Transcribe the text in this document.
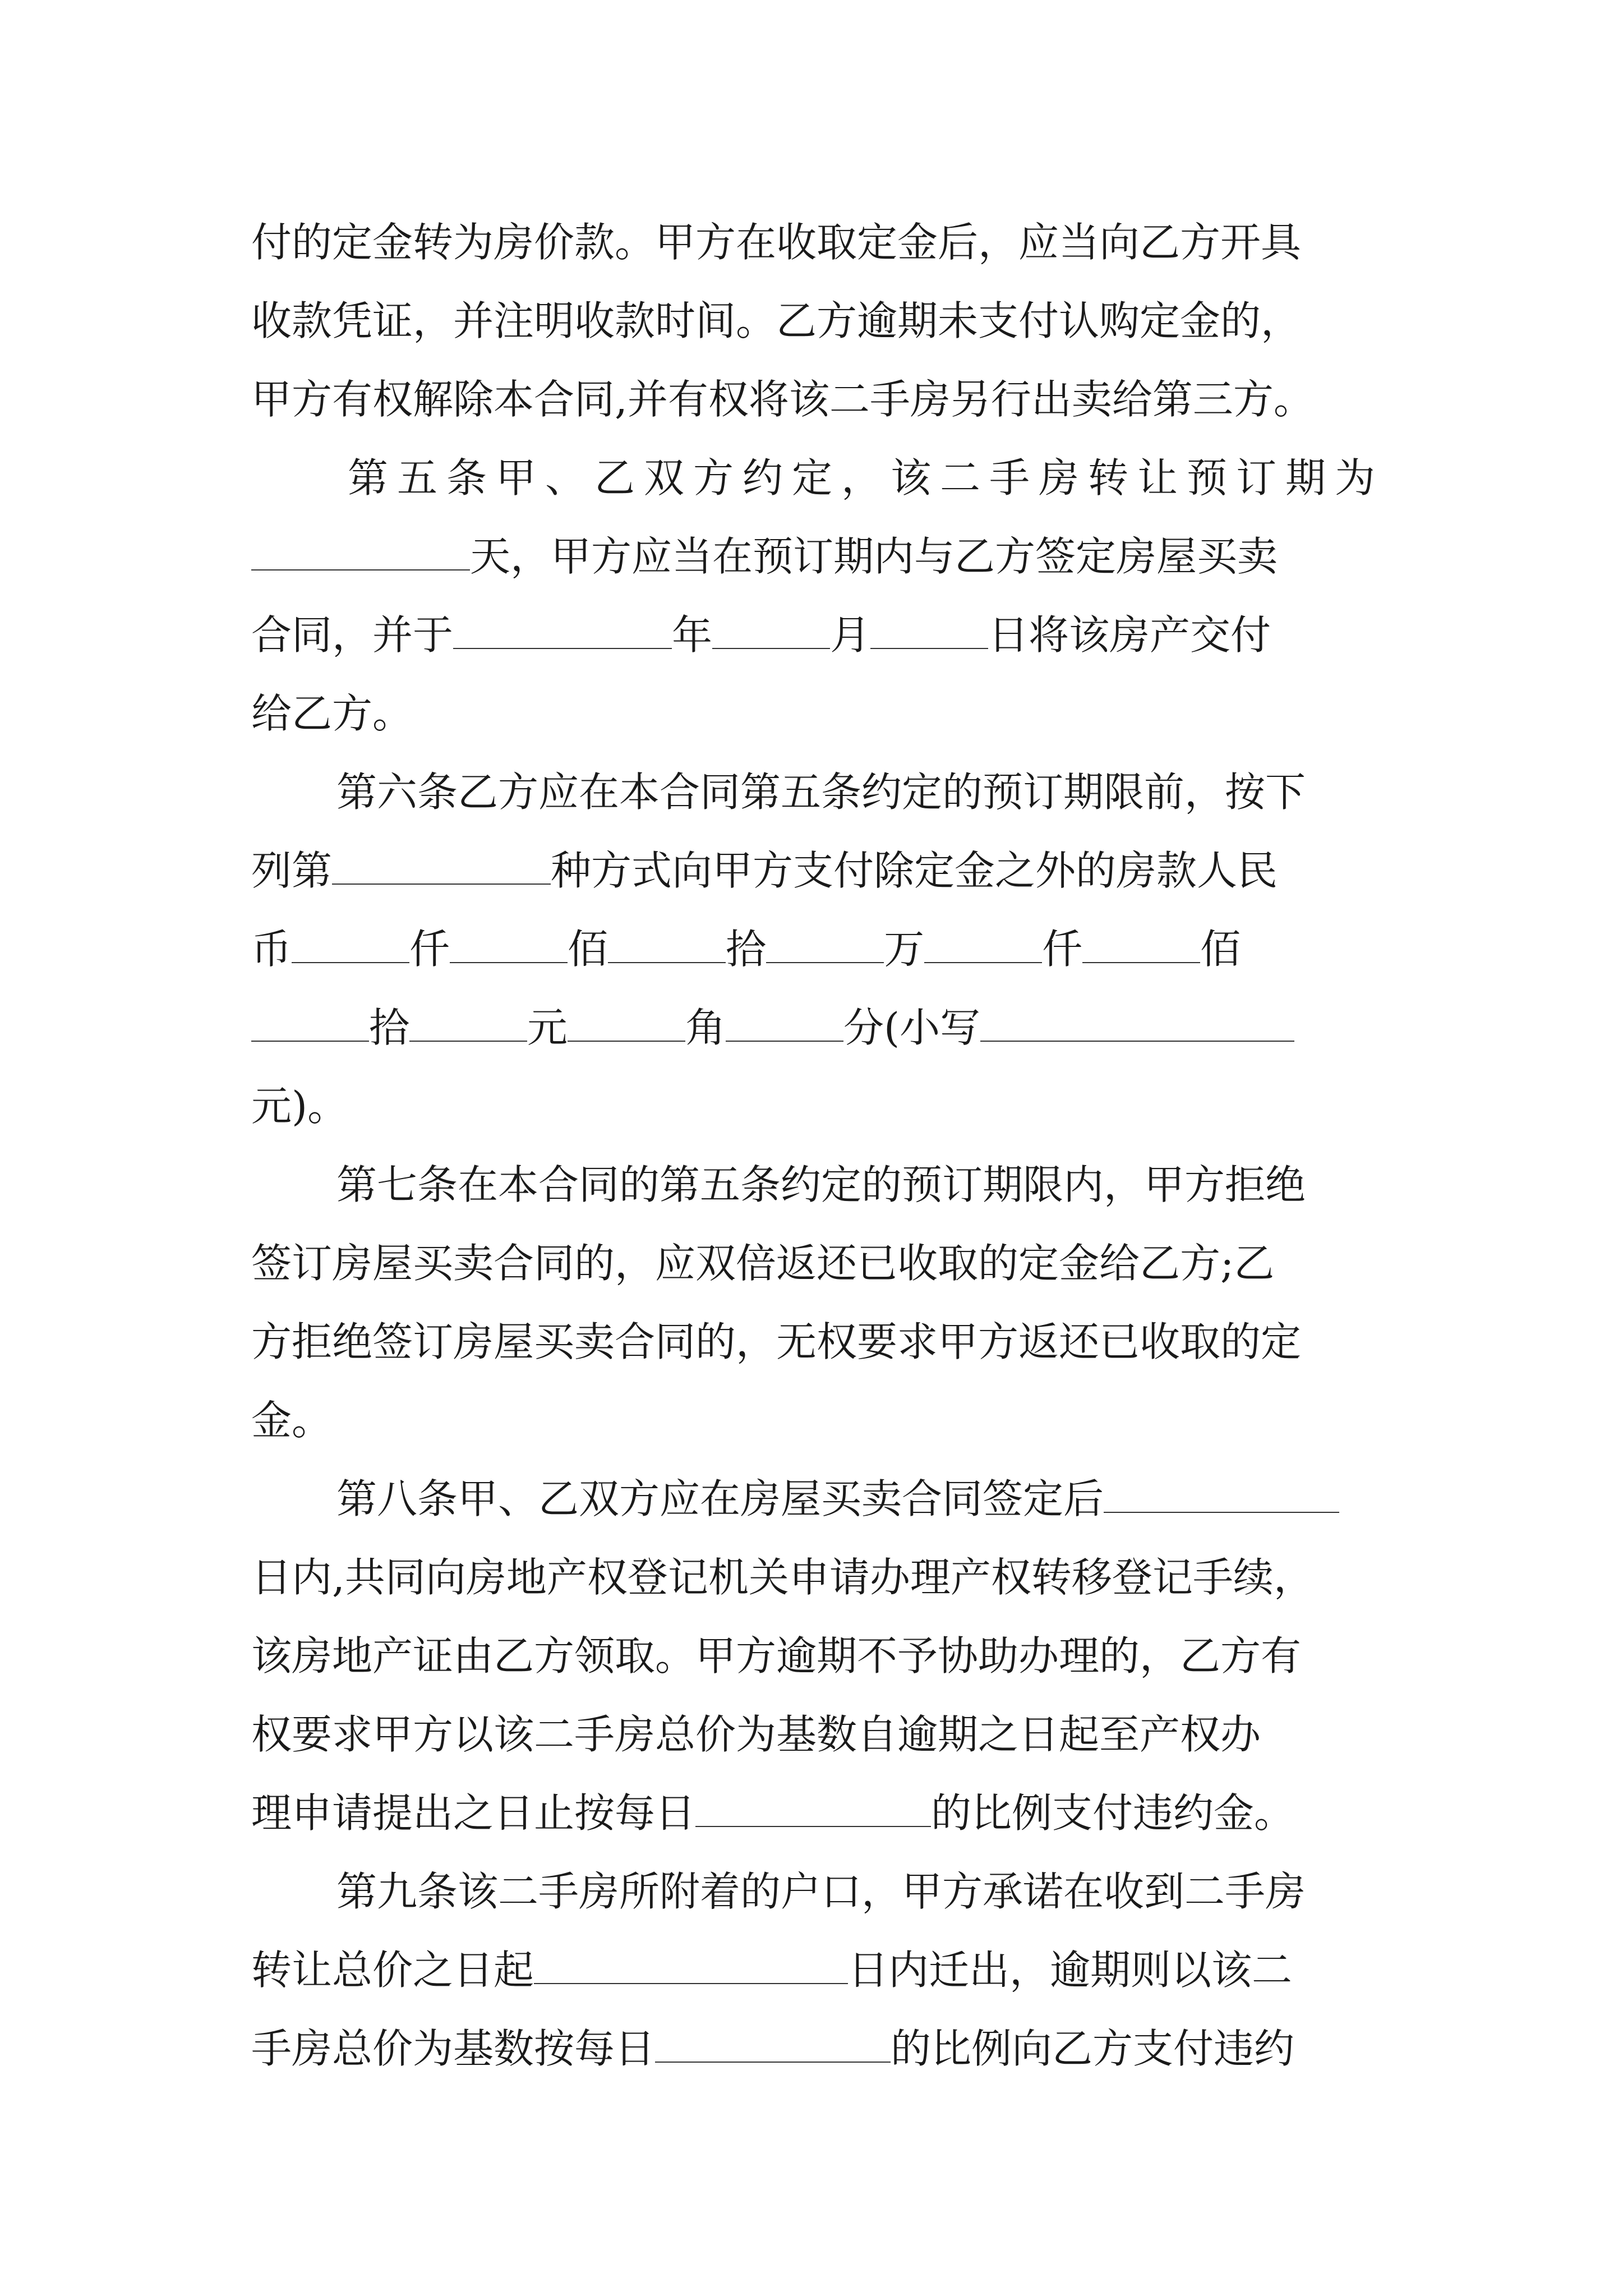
付的定金转为房价款。甲方在收取定金后，应当向乙方开具
收款凭证，并注明收款时间。乙方逾期未支付认购定金的，
甲方有权解除本合同,并有权将该二手房另行出卖给第三方。
第五条甲、乙双方约定，该二手房转让预订期为
天，甲方应当在预订期内与乙方签定房屋买卖
合同，并于	年	月	日将该房产交付
给乙方。
第六条乙方应在本合同第五条约定的预订期限前，按下
列第	种方式向甲方支付除定金之外的房款人民
币	仟	佰	拾	万	仟	佰
拾	元	角	分(小写
元)。
第七条在本合同的第五条约定的预订期限内，甲方拒绝
签订房屋买卖合同的，应双倍返还已收取的定金给乙方;乙
方拒绝签订房屋买卖合同的，无权要求甲方返还已收取的定
金。
第八条甲、乙双方应在房屋买卖合同签定后
日内,共同向房地产权登记机关申请办理产权转移登记手续，
该房地产证由乙方领取。甲方逾期不予协助办理的，乙方有
权要求甲方以该二手房总价为基数自逾期之日起至产权办
理申请提出之日止按每日	的比例支付违约金。
第九条该二手房所附着的户口，甲方承诺在收到二手房
转让总价之日起	日内迁出，逾期则以该二
手房总价为基数按每日	的比例向乙方支付违约
